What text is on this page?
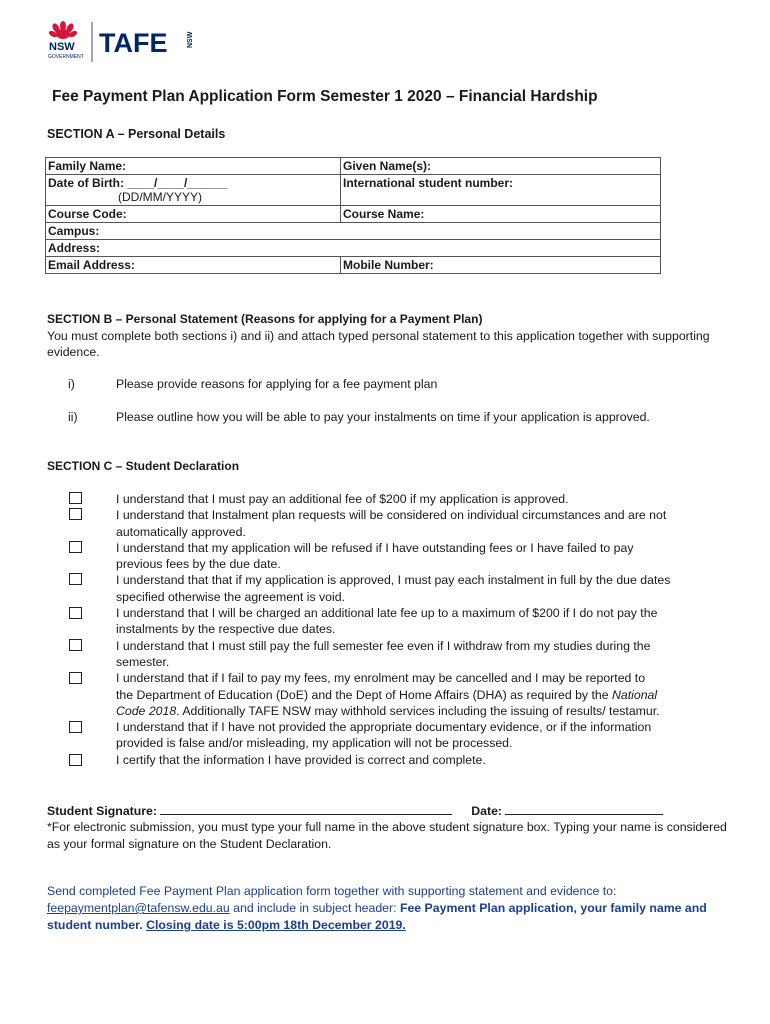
NSW
GOVERNMENT TAFE	NSW
Fee Payment Plan Application Form Semester 1 2020 – Financial Hardship
SECTION A – Personal Details
Family Name:	Given Name(s):
Date of Birth: ____/____/______
(DD/MM/YYYY)	International student number:
Course Code:	Course Name:
Campus:	
Address:	
Email Address:	Mobile Number:
SECTION B – Personal Statement (Reasons for applying for a Payment Plan)
You must complete both sections i) and ii) and attach typed personal statement to this application together with supporting evidence.
i)	Please provide reasons for applying for a fee payment plan
ii)	Please outline how you will be able to pay your instalments on time if your application is approved.
SECTION C – Student Declaration
I understand that I must pay an additional fee of $200 if my application is approved.
I understand that Instalment plan requests will be considered on individual circumstances and are not
automatically approved.
I understand that my application will be refused if I have outstanding fees or I have failed to pay
previous fees by the due date.
I understand that that if my application is approved, I must pay each instalment in full by the due dates
specified otherwise the agreement is void.
I understand that I will be charged an additional late fee up to a maximum of $200 if I do not pay the
instalments by the respective due dates.
I understand that I must still pay the full semester fee even if I withdraw from my studies during the
semester.
I understand that if I fail to pay my fees, my enrolment may be cancelled and I may be reported to
the Department of Education (DoE) and the Dept of Home Affairs (DHA) as required by the National
Code 2018. Additionally TAFE NSW may withhold services including the issuing of results/ testamur.
I understand that if I have not provided the appropriate documentary evidence, or if the information
provided is false and/or misleading, my application will not be processed.
I certify that the information I have provided is correct and complete.
Student Signature:	Date:
*For electronic submission, you must type your full name in the above student signature box. Typing your name is considered as your formal signature on the Student Declaration.
Send completed Fee Payment Plan application form together with supporting statement and evidence to:
feepaymentplan@tafensw.edu.au and include in subject header: Fee Payment Plan application, your family name and student number. Closing date is 5:00pm 18th December 2019.
